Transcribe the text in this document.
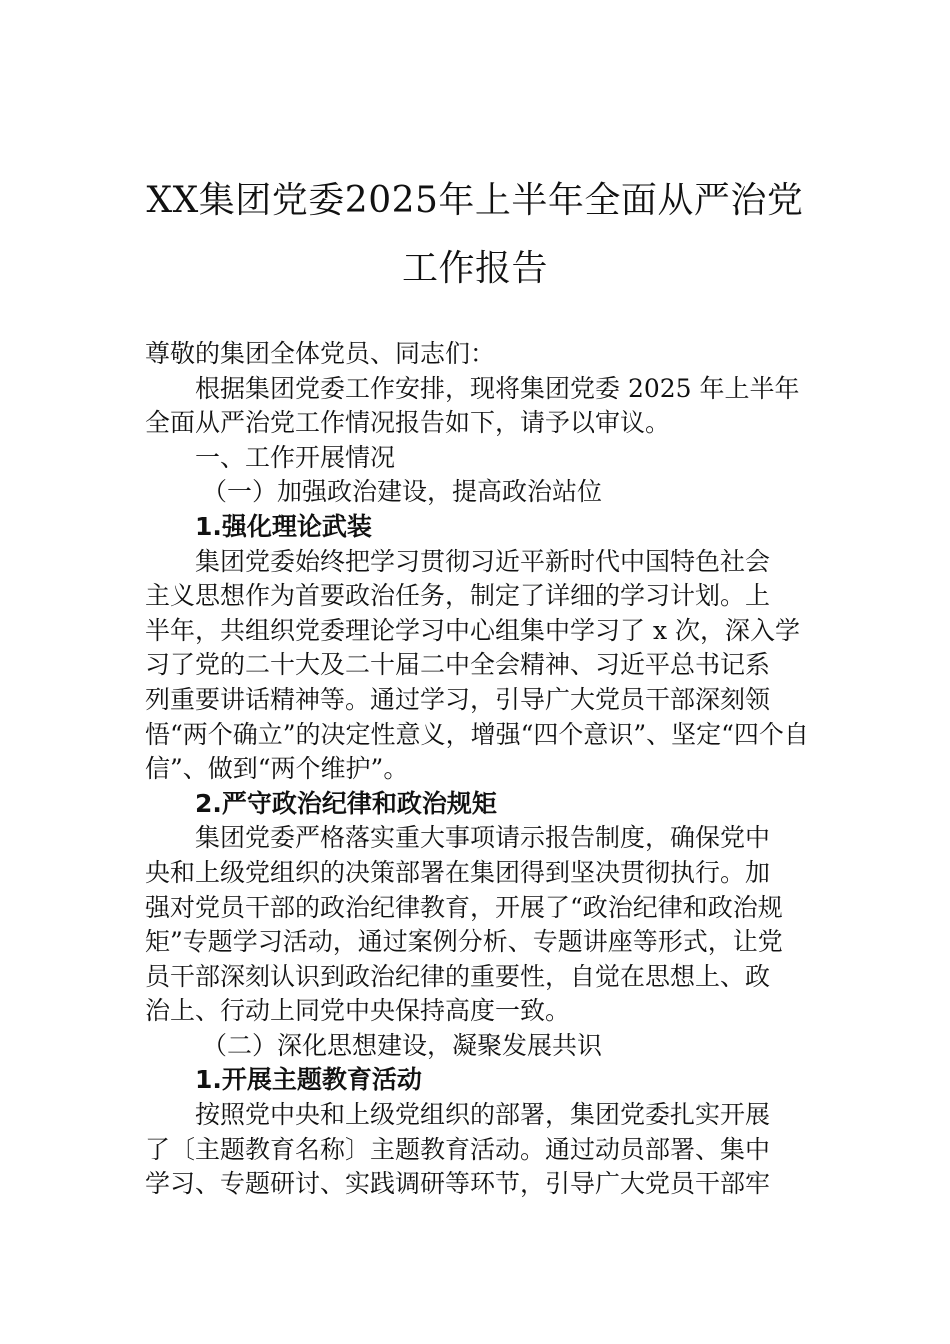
XX集团党委2025年上半年全面从严治党
工作报告
尊敬的集团全体党员、同志们：
根据集团党委工作安排，现将集团党委 2025 年上半年
全面从严治党工作情况报告如下，请予以审议。
一、工作开展情况
（一）加强政治建设，提高政治站位
1.强化理论武装
集团党委始终把学习贯彻习近平新时代中国特色社会
主义思想作为首要政治任务，制定了详细的学习计划。上
半年，共组织党委理论学习中心组集中学习了 x 次，深入学
习了党的二十大及二十届二中全会精神、习近平总书记系
列重要讲话精神等。通过学习，引导广大党员干部深刻领
悟“两个确立”的决定性意义，增强“四个意识”、坚定“四个自
信”、做到“两个维护”。
2.严守政治纪律和政治规矩
集团党委严格落实重大事项请示报告制度，确保党中
央和上级党组织的决策部署在集团得到坚决贯彻执行。加
强对党员干部的政治纪律教育，开展了“政治纪律和政治规
矩”专题学习活动，通过案例分析、专题讲座等形式，让党
员干部深刻认识到政治纪律的重要性，自觉在思想上、政
治上、行动上同党中央保持高度一致。
（二）深化思想建设，凝聚发展共识
1.开展主题教育活动
按照党中央和上级党组织的部署，集团党委扎实开展
了〔主题教育名称〕主题教育活动。通过动员部署、集中
学习、专题研讨、实践调研等环节，引导广大党员干部牢
